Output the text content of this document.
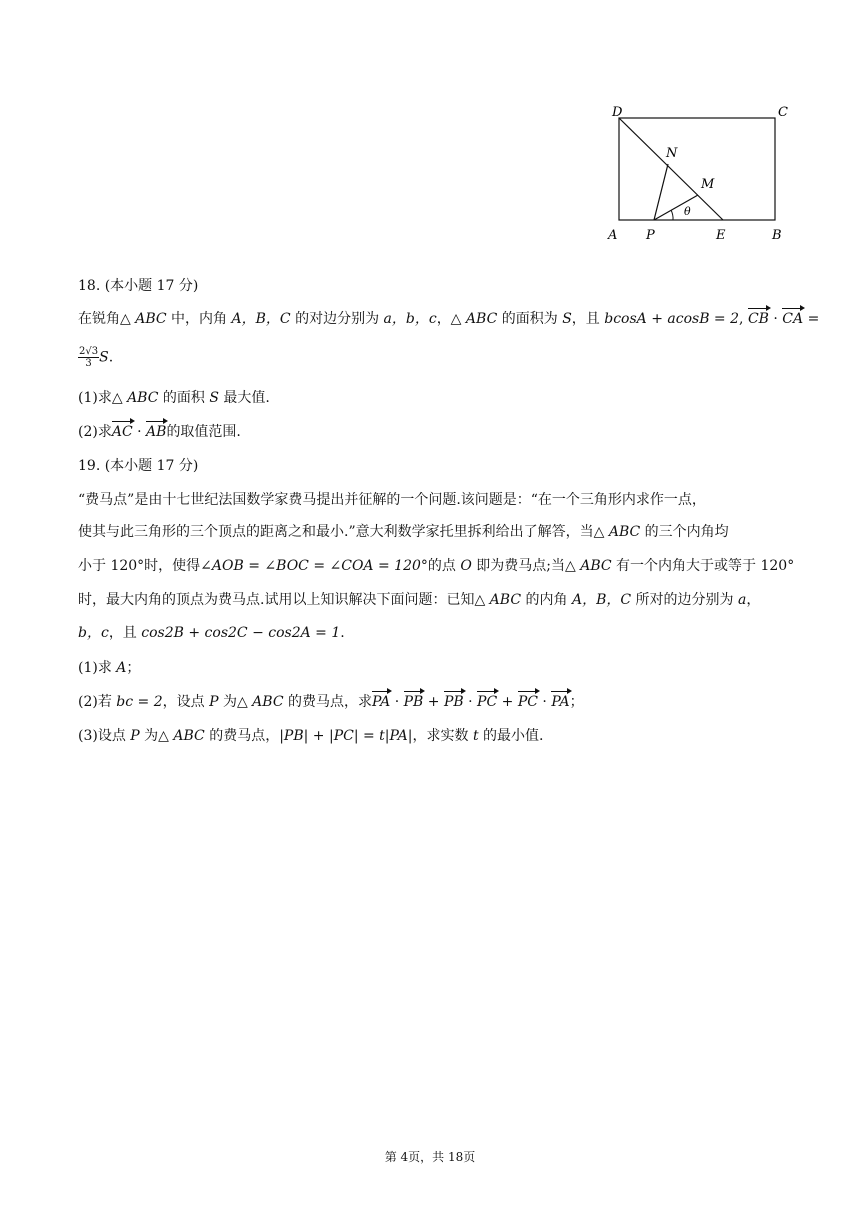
D	C
A P	E	B
N
M
θ
18. (本小题 17 分)
在锐角△ ABC 中，内角 A，B，C 的对边分别为 a，b，c，△ ABC 的面积为 S，且 bcosA + acosB = 2, CB · CA =
$\frac{2√3}{3} S$.
(1)求△ ABC 的面积 S 最大值.
(2)求AC · AB的取值范围.
19. (本小题 17 分)
“费马点”是由十七世纪法国数学家费马提出并征解的一个问题.该问题是：“在一个三角形内求作一点，
使其与此三角形的三个顶点的距离之和最小.”意大利数学家托里拆利给出了解答，当△ ABC 的三个内角均
小于 120°时，使得∠AOB = ∠BOC = ∠COA = 120°的点 O 即为费马点;当△ ABC 有一个内角大于或等于 120°
时，最大内角的顶点为费马点.试用以上知识解决下面问题：已知△ ABC 的内角 A，B，C 所对的边分别为 a，
b，c，且 cos2B + cos2C − cos2A = 1.
(1)求 A；
(2)若 bc = 2，设点 P 为△ ABC 的费马点，求PA · PB + PB · PC + PC · PA；
(3)设点 P 为△ ABC 的费马点，|PB| + |PC| = t|PA|，求实数 t 的最小值.
第 4页，共 18页
